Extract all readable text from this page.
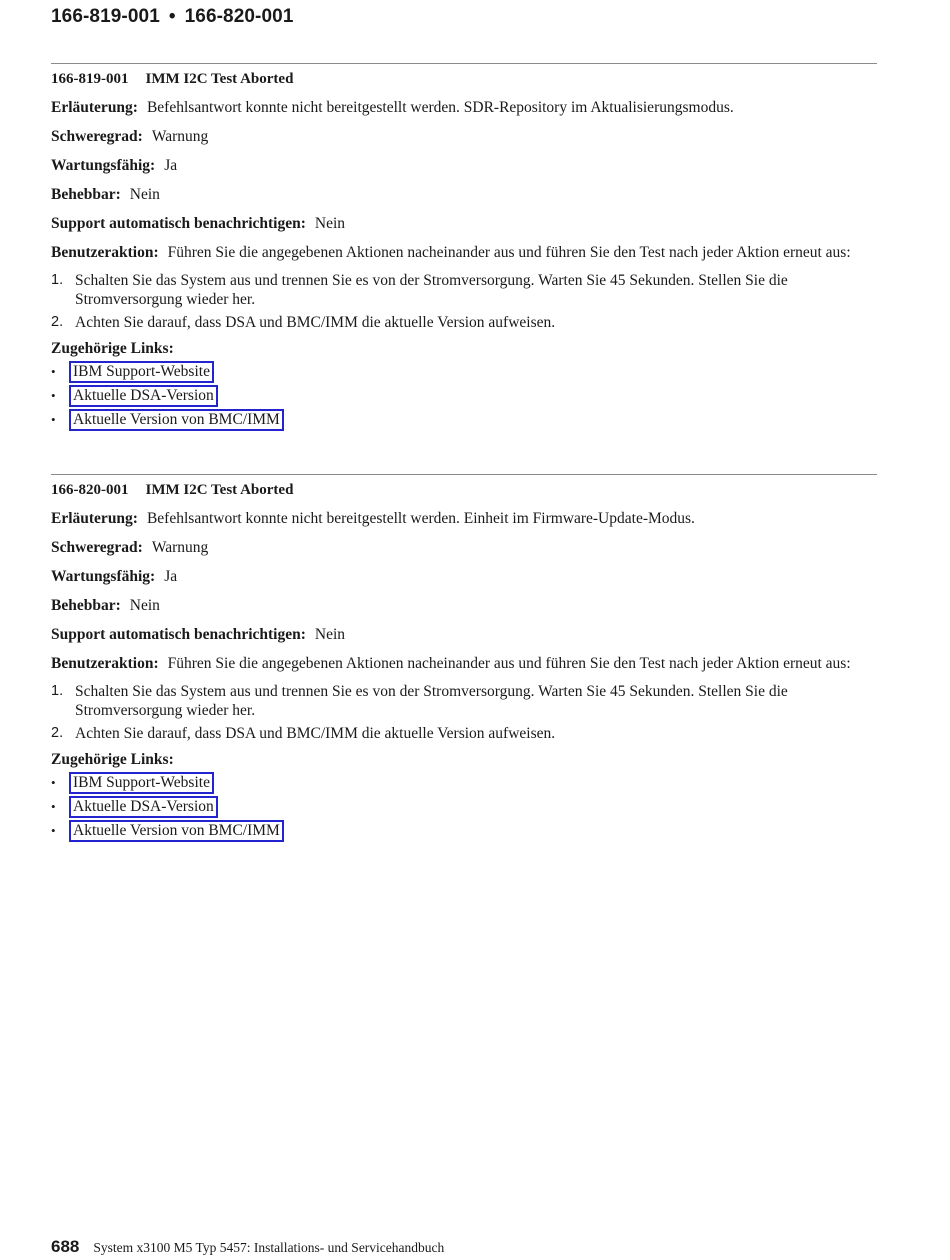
166-819-001 • 166-820-001
166-819-001 IMM I2C Test Aborted

Erläuterung: Befehlsantwort konnte nicht bereitgestellt werden. SDR-Repository im Aktualisierungsmodus.

Schweregrad: Warnung

Wartungsfähig: Ja

Behebbar: Nein

Support automatisch benachrichtigen: Nein

Benutzeraktion: Führen Sie die angegebenen Aktionen nacheinander aus und führen Sie den Test nach jeder Aktion erneut aus:

1. Schalten Sie das System aus und trennen Sie es von der Stromversorgung. Warten Sie 45 Sekunden. Stellen Sie die Stromversorgung wieder her.
2. Achten Sie darauf, dass DSA und BMC/IMM die aktuelle Version aufweisen.

Zugehörige Links:

• IBM Support-Website
• Aktuelle DSA-Version
• Aktuelle Version von BMC/IMM
166-820-001 IMM I2C Test Aborted

Erläuterung: Befehlsantwort konnte nicht bereitgestellt werden. Einheit im Firmware-Update-Modus.

Schweregrad: Warnung

Wartungsfähig: Ja

Behebbar: Nein

Support automatisch benachrichtigen: Nein

Benutzeraktion: Führen Sie die angegebenen Aktionen nacheinander aus und führen Sie den Test nach jeder Aktion erneut aus:

1. Schalten Sie das System aus und trennen Sie es von der Stromversorgung. Warten Sie 45 Sekunden. Stellen Sie die Stromversorgung wieder her.
2. Achten Sie darauf, dass DSA und BMC/IMM die aktuelle Version aufweisen.

Zugehörige Links:

• IBM Support-Website
• Aktuelle DSA-Version
• Aktuelle Version von BMC/IMM
688 System x3100 M5 Typ 5457: Installations- und Servicehandbuch
